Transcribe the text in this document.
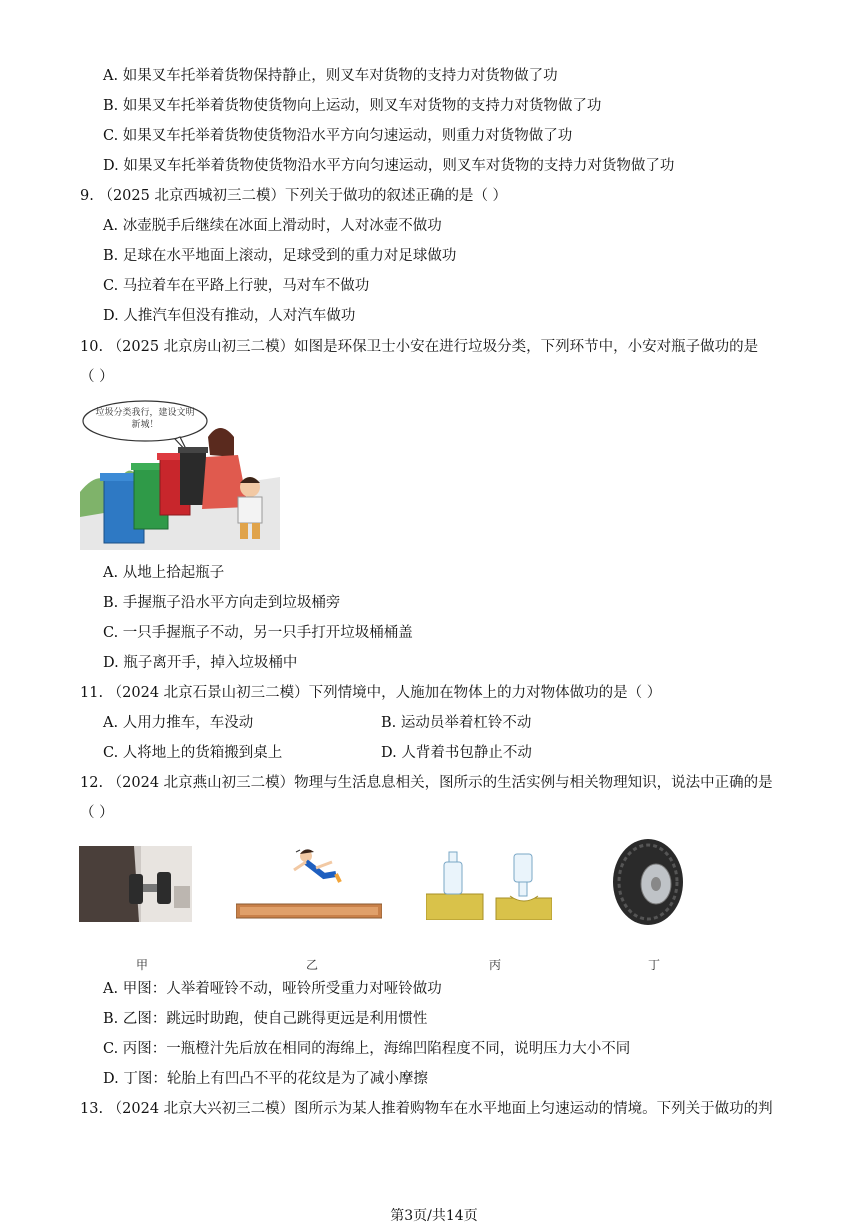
A. 如果叉车托举着货物保持静止，则叉车对货物的支持力对货物做了功
B. 如果叉车托举着货物使货物向上运动，则叉车对货物的支持力对货物做了功
C. 如果叉车托举着货物使货物沿水平方向匀速运动，则重力对货物做了功
D. 如果叉车托举着货物使货物沿水平方向匀速运动，则叉车对货物的支持力对货物做了功
9. （2025 北京西城初三二模）下列关于做功的叙述正确的是（ ）
A. 冰壶脱手后继续在冰面上滑动时，人对冰壶不做功
B. 足球在水平地面上滚动，足球受到的重力对足球做功
C. 马拉着车在平路上行驶，马对车不做功
D. 人推汽车但没有推动，人对汽车做功
10. （2025 北京房山初三二模）如图是环保卫士小安在进行垃圾分类，下列环节中，小安对瓶子做功的是
（ ）
垃圾分类我行，建设文明新城！
A. 从地上拾起瓶子
B. 手握瓶子沿水平方向走到垃圾桶旁
C. 一只手握瓶子不动，另一只手打开垃圾桶桶盖
D. 瓶子离开手，掉入垃圾桶中
11. （2024 北京石景山初三二模）下列情境中，人施加在物体上的力对物体做功的是（ ）
A. 人用力推车，车没动	B. 运动员举着杠铃不动
C. 人将地上的货箱搬到桌上	D. 人背着书包静止不动
12. （2024 北京燕山初三二模）物理与生活息息相关，图所示的生活实例与相关物理知识，说法中正确的是
（ ）
甲	乙	丙	丁
A. 甲图：人举着哑铃不动，哑铃所受重力对哑铃做功
B. 乙图：跳远时助跑，使自己跳得更远是利用惯性
C. 丙图：一瓶橙汁先后放在相同的海绵上，海绵凹陷程度不同，说明压力大小不同
D. 丁图：轮胎上有凹凸不平的花纹是为了减小摩擦
13. （2024 北京大兴初三二模）图所示为某人推着购物车在水平地面上匀速运动的情境。下列关于做功的判
第3页/共14页
